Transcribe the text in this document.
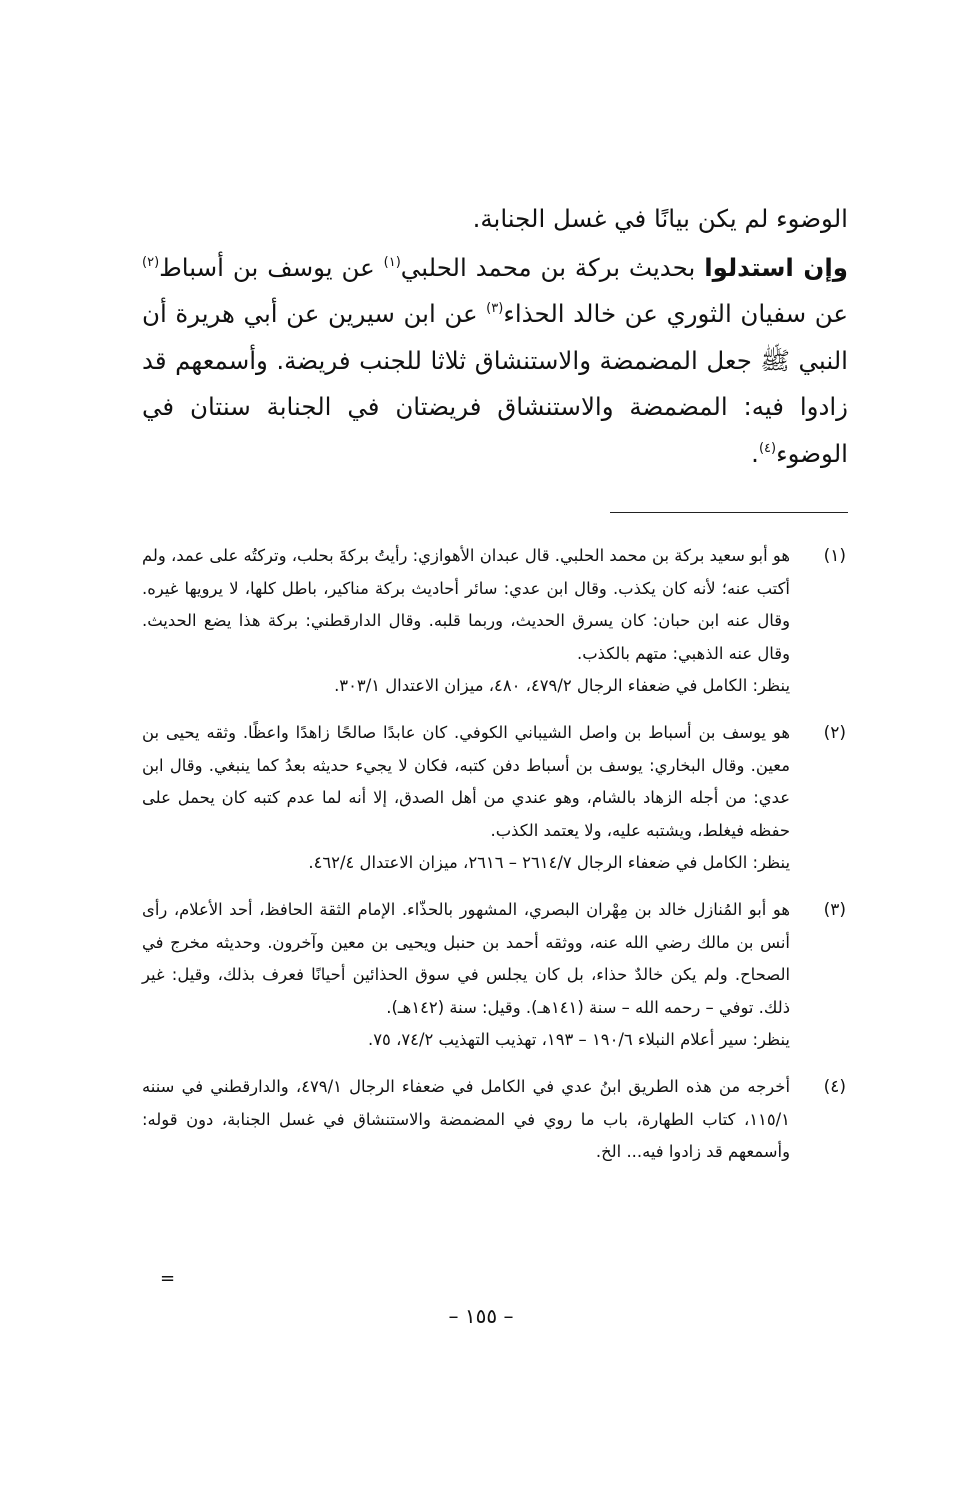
الوضوء لم يكن بيانًا في غسل الجنابة.

وإن استدلوا بحديث بركة بن محمد الحلبي$^{(١)}$ عن يوسف بن أسباط$^{(٢)}$ عن سفيان الثوري عن خالد الحذاء$^{(٣)}$ عن ابن سيرين عن أبي هريرة أن النبي ﷺ جعل المضمضة والاستنشاق ثلاثا للجنب فريضة. وأسمعهم قد زادوا فيه: المضمضة والاستنشاق فريضتان في الجنابة سنتان في الوضوء$^{(٤)}$.

(١)

هو أبو سعيد بركة بن محمد الحلبي. قال عبدان الأهوازي: رأيتُ بركةَ بحلب، وتركتُه على عمد، ولم أكتب عنه؛ لأنه كان يكذب. وقال ابن عدي: سائر أحاديث بركة مناكير، باطل كلها، لا يرويها غيره. وقال عنه ابن حبان: كان يسرق الحديث، وربما قلبه. وقال الدارقطني: بركة هذا يضع الحديث. وقال عنه الذهبي: متهم بالكذب.

ينظر: الكامل في ضعفاء الرجال ٤٧٩/٢، ٤٨٠، ميزان الاعتدال ٣٠٣/١.

(٢)

هو يوسف بن أسباط بن واصل الشيباني الكوفي. كان عابدًا صالحًا زاهدًا واعظًا. وثقه يحيى بن معين. وقال البخاري: يوسف بن أسباط دفن كتبه، فكان لا يجيء حديثه بعدُ كما ينبغي. وقال ابن عدي: من أجله الزهاد بالشام، وهو عندي من أهل الصدق، إلا أنه لما عدم كتبه كان يحمل على حفظه فيغلط، ويشتبه عليه، ولا يعتمد الكذب.

ينظر: الكامل في ضعفاء الرجال ٢٦١٤/٧ – ٢٦١٦، ميزان الاعتدال ٤٦٢/٤.

(٣)

هو أبو المُنازل خالد بن مِهْران البصري، المشهور بالحذّاء. الإمام الثقة الحافظ، أحد الأعلام، رأى أنس بن مالك رضي الله عنه، ووثقه أحمد بن حنبل ويحيى بن معين وآخرون. وحديثه مخرج في الصحاح. ولم يكن خالدٌ حذاء، بل كان يجلس في سوق الحذائين أحيانًا فعرف بذلك، وقيل: غير ذلك. توفي – رحمه الله – سنة (١٤١هـ). وقيل: سنة (١٤٢هـ).

ينظر: سير أعلام النبلاء ١٩٠/٦ – ١٩٣، تهذيب التهذيب ٧٤/٢، ٧٥.

(٤)

أخرجه من هذه الطريق ابنُ عدي في الكامل في ضعفاء الرجال ٤٧٩/١، والدارقطني في سننه ١١٥/١، كتاب الطهارة، باب ما روي في المضمضة والاستنشاق في غسل الجنابة، دون قوله: وأسمعهم قد زادوا فيه... الخ.

=
– ١٥٥ –
